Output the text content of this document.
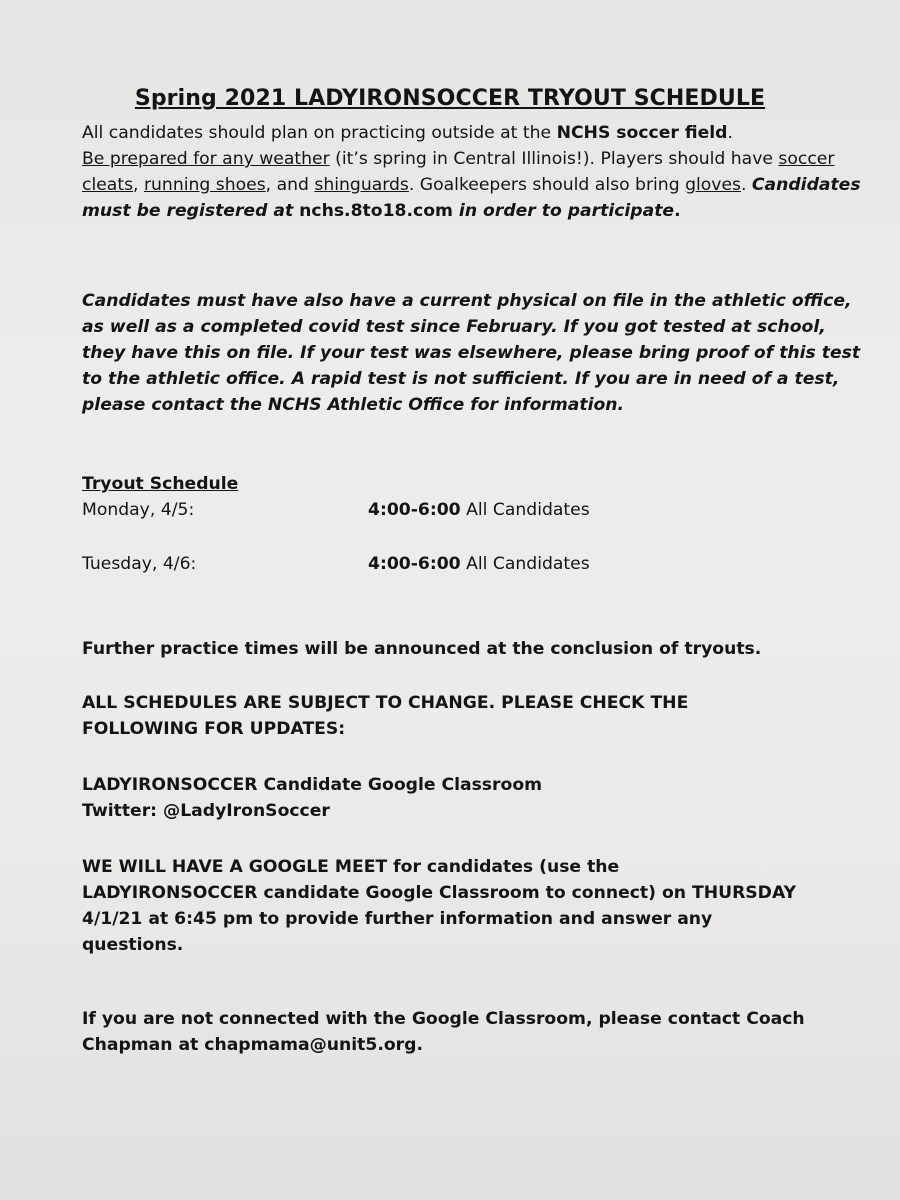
Spring 2021 LADYIRONSOCCER TRYOUT SCHEDULE
All candidates should plan on practicing outside at the NCHS soccer field.
Be prepared for any weather (it’s spring in Central Illinois!). Players should have soccer cleats, running shoes, and shinguards. Goalkeepers should also bring gloves. Candidates must be registered at nchs.8to18.com in order to participate.
Candidates must have also have a current physical on file in the athletic office, as well as a completed covid test since February. If you got tested at school, they have this on file. If your test was elsewhere, please bring proof of this test to the athletic office. A rapid test is not sufficient. If you are in need of a test, please contact the NCHS Athletic Office for information.
Tryout Schedule
Monday, 4/5:	4:00-6:00 All Candidates
Tuesday, 4/6:	4:00-6:00 All Candidates
Further practice times will be announced at the conclusion of tryouts.

ALL SCHEDULES ARE SUBJECT TO CHANGE. PLEASE CHECK THE

FOLLOWING FOR UPDATES:

LADYIRONSOCCER Candidate Google Classroom

Twitter: @LadyIronSoccer

WE WILL HAVE A GOOGLE MEET for candidates (use the

LADYIRONSOCCER candidate Google Classroom to connect) on THURSDAY

4/1/21 at 6:45 pm to provide further information and answer any

questions.

If you are not connected with the Google Classroom, please contact Coach

Chapman at chapmama@unit5.org.
